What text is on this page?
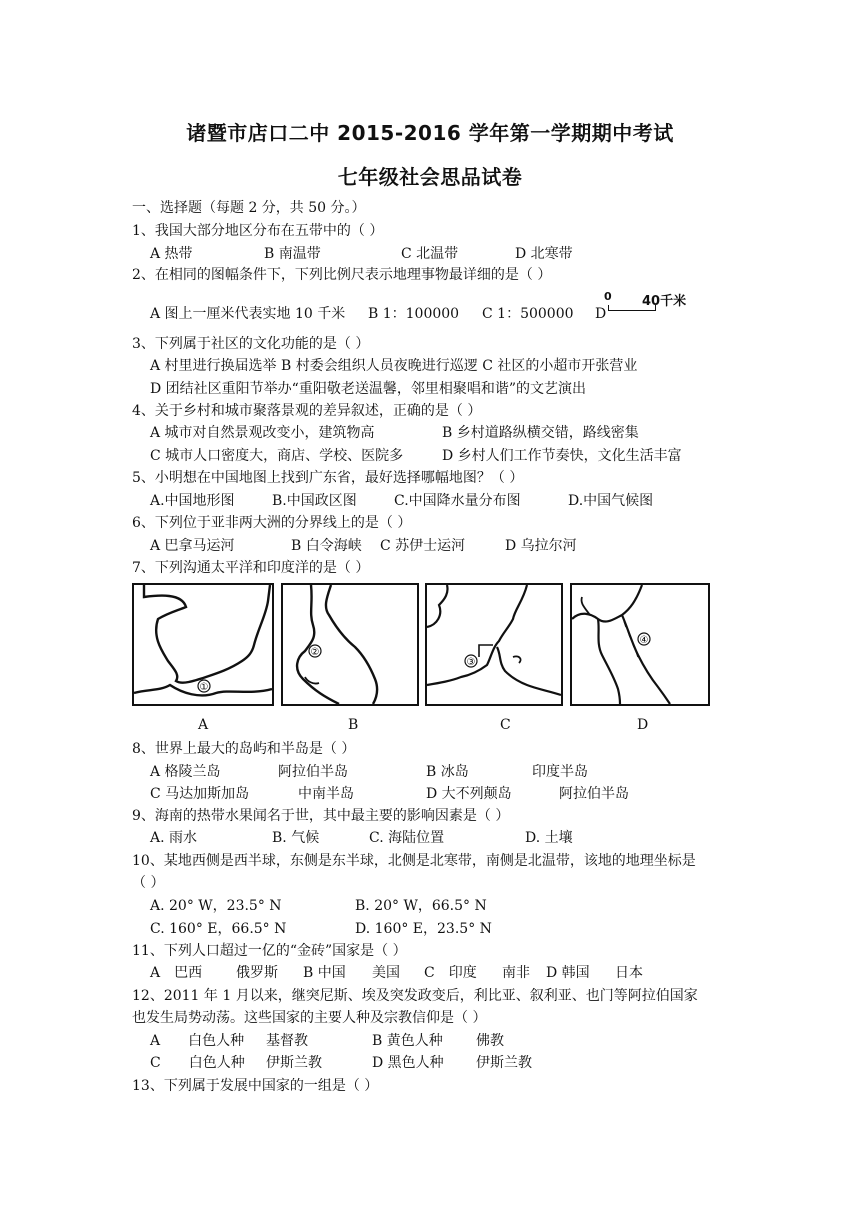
诸暨市店口二中 2015-2016 学年第一学期期中考试
七年级社会思品试卷
一、选择题（每题 2 分，共 50 分。）
1、我国大部分地区分布在五带中的（ ）
A 热带	B 南温带	C 北温带	D 北寒带
2、在相同的图幅条件下，下列比例尺表示地理事物最详细的是（ ）
A 图上一厘米代表实地 10 千米 B 1：100000 C 1：500000 D
0 40千米
3、下列属于社区的文化功能的是（ ）
A 村里进行换届选举 B 村委会组织人员夜晚进行巡逻 C 社区的小超市开张营业
D 团结社区重阳节举办“重阳敬老送温馨，邻里相聚唱和谐”的文艺演出
4、关于乡村和城市聚落景观的差异叙述，正确的是（ ）
A 城市对自然景观改变小，建筑物高	B 乡村道路纵横交错，路线密集
C 城市人口密度大，商店、学校、医院多	D 乡村人们工作节奏快，文化生活丰富
5、小明想在中国地图上找到广东省，最好选择哪幅地图？（ ）
A.中国地形图	B.中国政区图	C.中国降水量分布图	D.中国气候图
6、下列位于亚非两大洲的分界线上的是（ ）
A 巴拿马运河	B 白令海峡 C 苏伊士运河	D 乌拉尔河
7、下列沟通太平洋和印度洋的是（ ）
①
②
③
④
A	B	C	D
8、世界上最大的岛屿和半岛是（ ）
A 格陵兰岛	阿拉伯半岛	B 冰岛	印度半岛
C 马达加斯加岛	中南半岛	D 大不列颠岛	阿拉伯半岛
9、海南的热带水果闻名于世，其中最主要的影响因素是（ ）
A. 雨水	B. 气候	C. 海陆位置	D. 土壤
10、某地西侧是西半球，东侧是东半球，北侧是北寒带，南侧是北温带，该地的地理坐标是
（ ）
A. 20° W，23.5° N	B. 20° W，66.5° N
C. 160° E，66.5° N	D. 160° E，23.5° N
11、下列人口超过一亿的“金砖”国家是（ ）
A　巴西 俄罗斯 B 中国 美国 C　印度 南非 D 韩国 日本
12、2011 年 1 月以来，继突尼斯、埃及突发政变后，利比亚、叙利亚、也门等阿拉伯国家
也发生局势动荡。这些国家的主要人种及宗教信仰是（ ）
A　　白色人种 基督教	B 黄色人种 佛教
C　　白色人种 伊斯兰教	D 黑色人种 伊斯兰教
13、下列属于发展中国家的一组是（ ）
